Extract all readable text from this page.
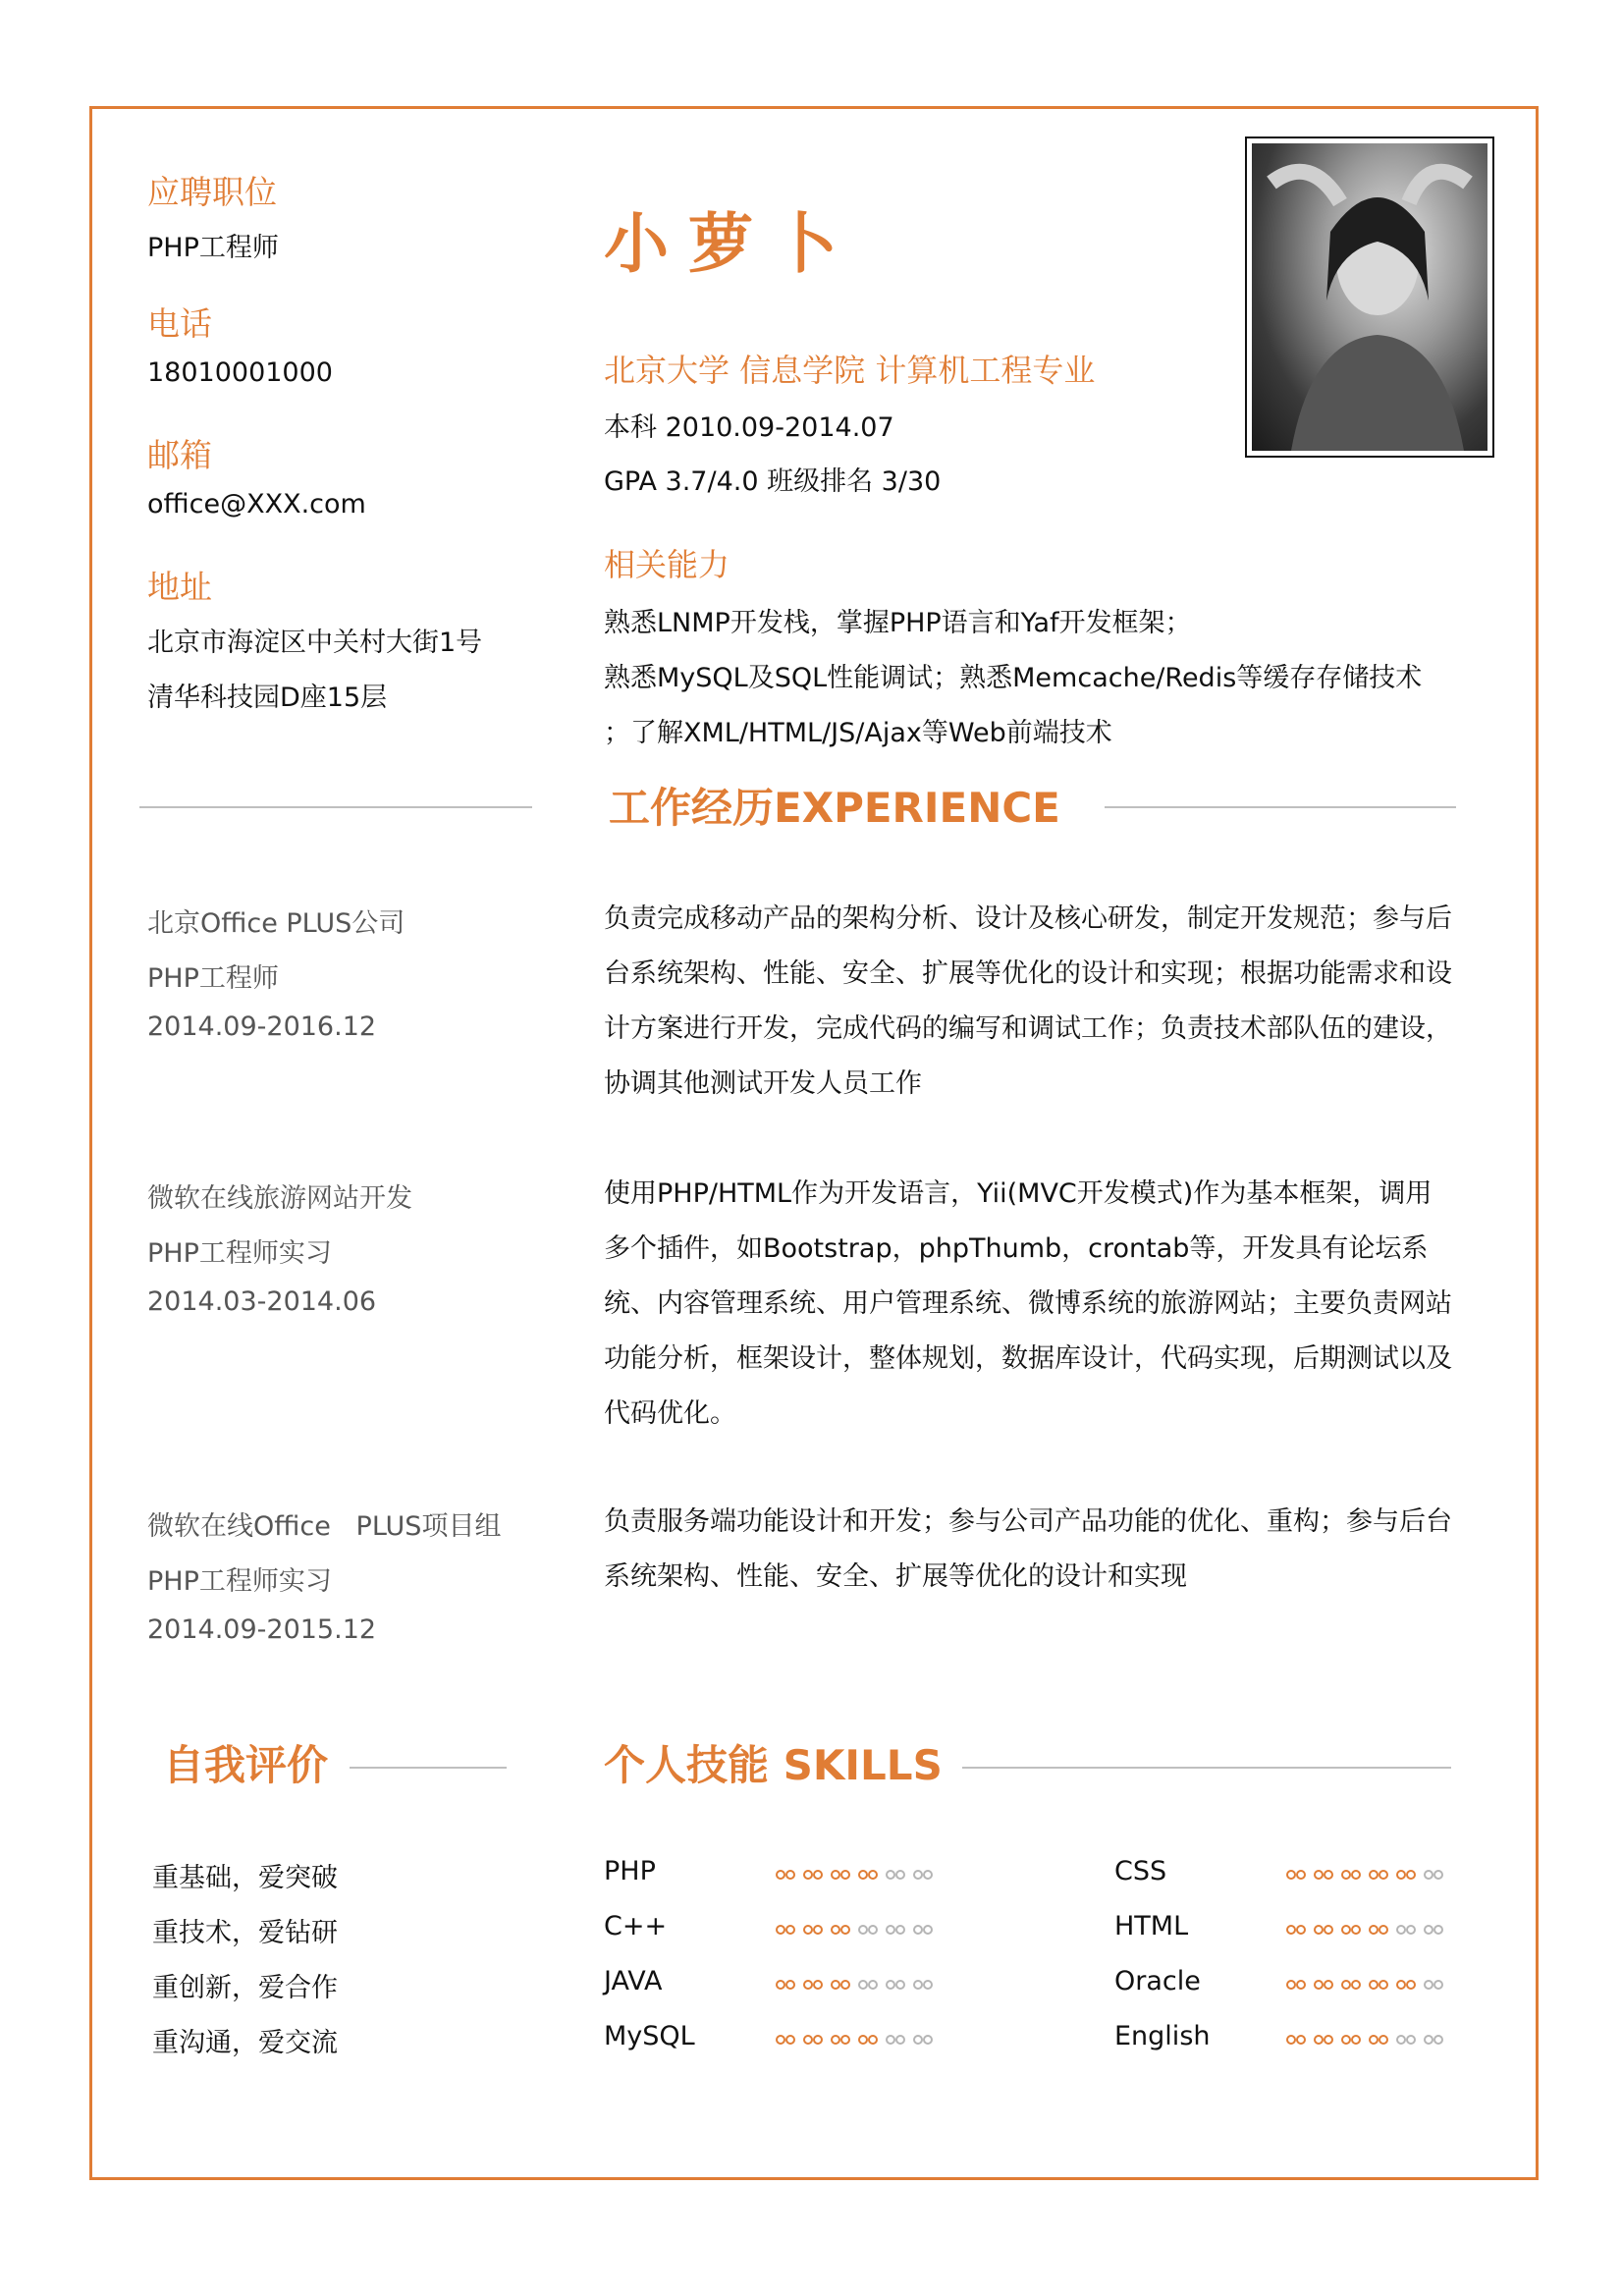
应聘职位
PHP工程师
电话
18010001000
邮箱
office@XXX.com
地址
北京市海淀区中关村大街1号
清华科技园D座15层
小萝卜
北京大学 信息学院 计算机工程专业
本科 2010.09-2014.07
GPA 3.7/4.0 班级排名 3/30
相关能力
熟悉LNMP开发栈，掌握PHP语言和Yaf开发框架；
熟悉MySQL及SQL性能调试；熟悉Memcache/Redis等缓存存储技术
；了解XML/HTML/JS/Ajax等Web前端技术
工作经历EXPERIENCE
北京Office PLUS公司
PHP工程师
2014.09-2016.12
负责完成移动产品的架构分析、设计及核心研发，制定开发规范；参与后台系统架构、性能、安全、扩展等优化的设计和实现；根据功能需求和设计方案进行开发，完成代码的编写和调试工作；负责技术部队伍的建设，协调其他测试开发人员工作
微软在线旅游网站开发
PHP工程师实习
2014.03-2014.06
使用PHP/HTML作为开发语言，Yii(MVC开发模式)作为基本框架，调用多个插件，如Bootstrap，phpThumb，crontab等，开发具有论坛系统、内容管理系统、用户管理系统、微博系统的旅游网站；主要负责网站功能分析，框架设计，整体规划，数据库设计，代码实现，后期测试以及代码优化。
微软在线Office   PLUS项目组
PHP工程师实习
2014.09-2015.12
负责服务端功能设计和开发；参与公司产品功能的优化、重构；参与后台系统架构、性能、安全、扩展等优化的设计和实现
自我评价
重基础，爱突破
重技术，爱钻研
重创新，爱合作
重沟通，爱交流
个人技能 SKILLS
PHP
C++
JAVA
MySQL
CSS
HTML
Oracle
English
